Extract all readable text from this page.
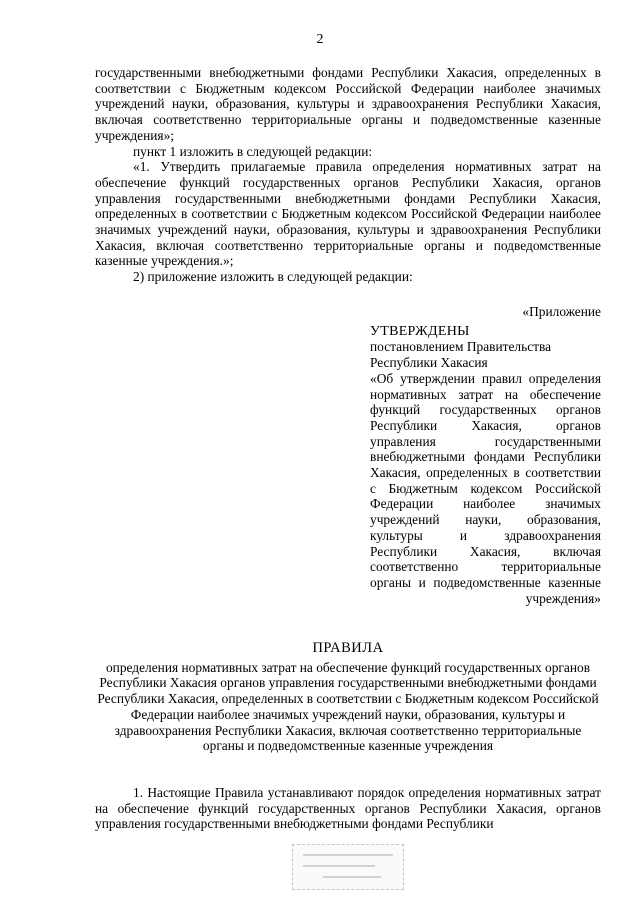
2

государственными внебюджетными фондами Республики Хакасия, определенных в соответствии с Бюджетным кодексом Российской Федерации наиболее значимых учреждений науки, образования, культуры и здравоохранения Республики Хакасия, включая соответственно территориальные органы и подведомственные казенные учреждения»;

пункт 1 изложить в следующей редакции:

«1. Утвердить прилагаемые правила определения нормативных затрат на обеспечение функций государственных органов Республики Хакасия, органов управления государственными внебюджетными фондами Республики Хакасия, определенных в соответствии с Бюджетным кодексом Российской Федерации наиболее значимых учреждений науки, образования, культуры и здравоохранения Республики Хакасия, включая соответственно территориальные органы и подведомственные казенные учреждения.»;

2) приложение изложить в следующей редакции:

«Приложение

УТВЕРЖДЕНЫ

постановлением Правительства

Республики Хакасия

«Об утверждении правил определения нормативных затрат на обеспечение функций государственных органов Республики Хакасия, органов управления государственными внебюджетными фондами Республики Хакасия, определенных в соответствии с Бюджетным кодексом Российской Федерации наиболее значимых учреждений науки, образования, культуры и здравоохранения Республики Хакасия, включая соответственно территориальные органы и подведомственные казенные учреждения»

ПРАВИЛА

определения нормативных затрат на обеспечение функций государственных органов Республики Хакасия органов управления государственными внебюджетными фондами Республики Хакасия, определенных в соответствии с Бюджетным кодексом Российской Федерации наиболее значимых учреждений науки, образования, культуры и здравоохранения Республики Хакасия, включая соответственно территориальные органы и подведомственные казенные учреждения

1. Настоящие Правила устанавливают порядок определения нормативных затрат на обеспечение функций государственных органов Республики Хакасия, органов управления государственными внебюджетными фондами Республики
